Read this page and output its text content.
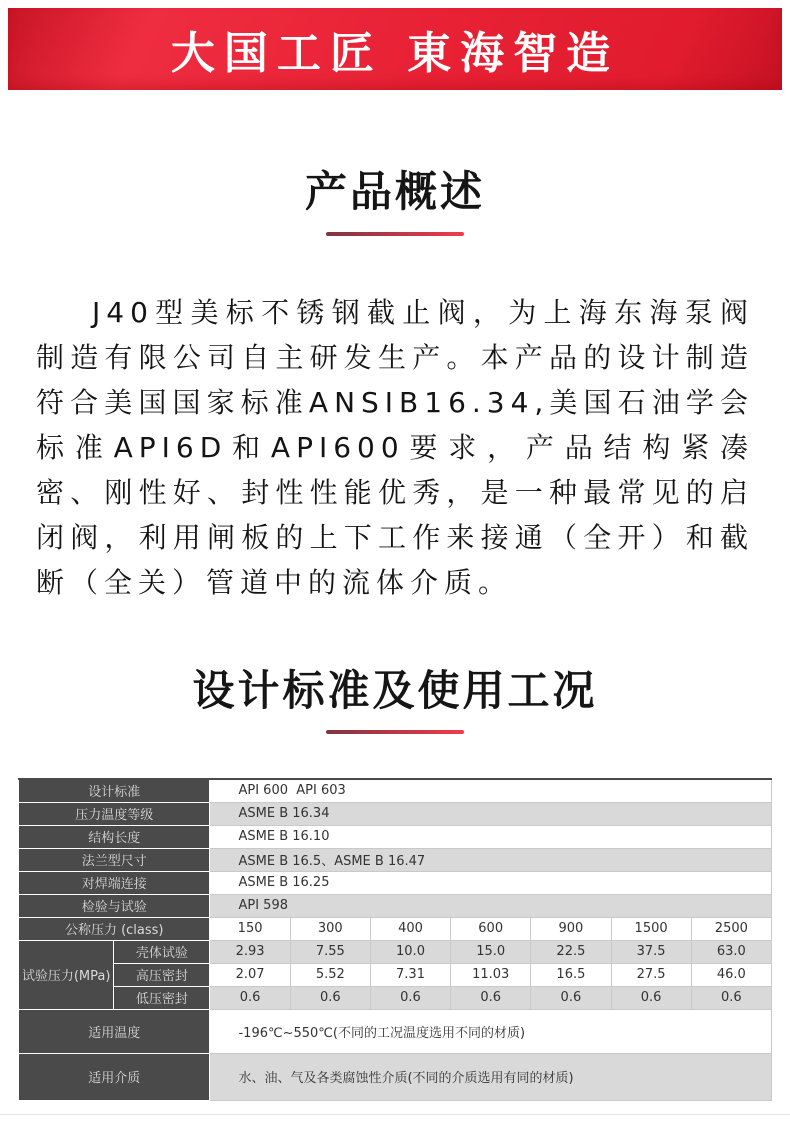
大国工匠 東海智造
产品概述

J40型美标不锈钢截止阀，为上海东海泵阀制造有限公司自主研发生产。本产品的设计制造符合美国国家标准ANSIB16.34,美国石油学会标准API6D和API600要求，产品结构紧凑密、刚性好、封性性能优秀，是一种最常见的启闭阀，利用闸板的上下工作来接通（全开）和截断（全关）管道中的流体介质。

设计标准及使用工况
设计标准		API 600  API 603						
压力温度等级		ASME B 16.34						
结构长度		ASME B 16.10						
法兰型尺寸		ASME B 16.5、ASME B 16.47						
对焊端连接		ASME B 16.25						
检验与试验		API 598						
公称压力 (class)		150	300	400	600	900	1500	2500
试验压力(MPa)	壳体试验	2.93	7.55	10.0	15.0	22.5	37.5	63.0
	高压密封	2.07	5.52	7.31	11.03	16.5	27.5	46.0
	低压密封	0.6	0.6	0.6	0.6	0.6	0.6	0.6
适用温度		-196℃~550℃(不同的工况温度选用不同的材质)						
适用介质		水、油、气及各类腐蚀性介质(不同的介质选用有同的材质)						
